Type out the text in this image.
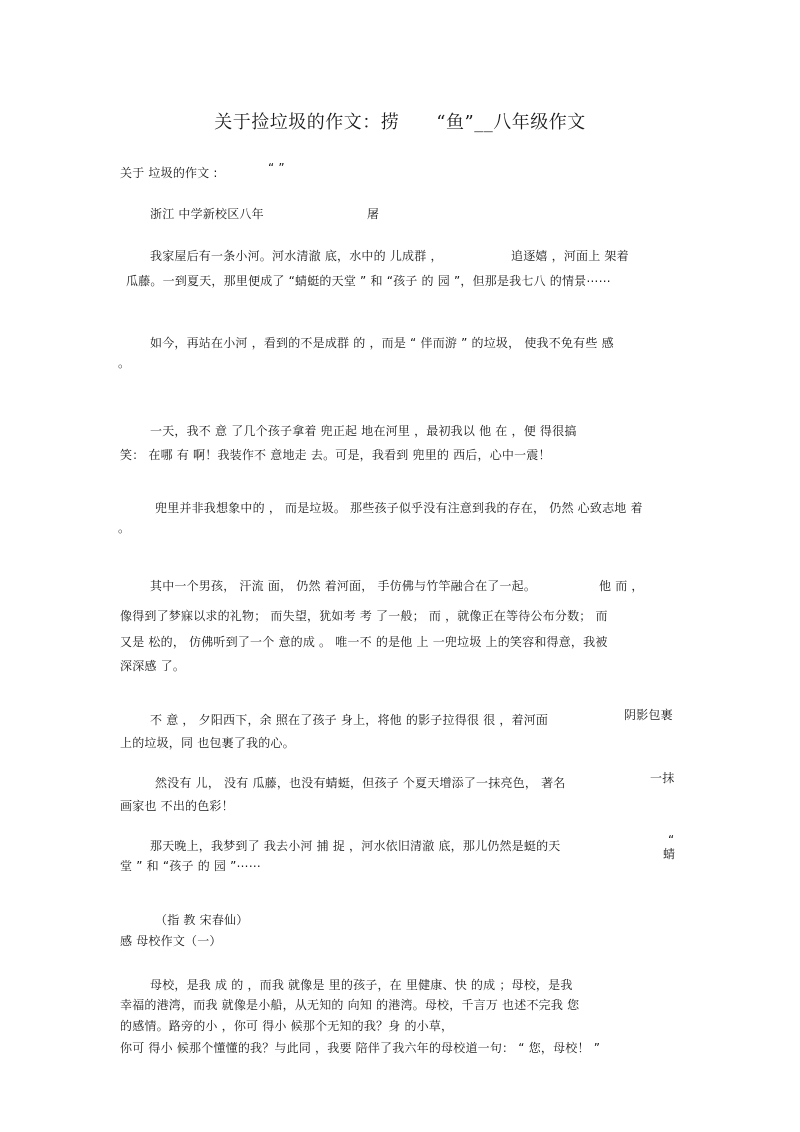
关于捡垃圾的作文：捞　　“鱼”__八年级作文
关于 垃圾的作文 :	“ ”
浙江 中学新校区八年	屠
我家屋后有一条小河。河水清澈 底，水中的 儿成群 ，	追逐嬉 ，河面上 架着
瓜藤。一到夏天，那里便成了 “蜻蜓的天堂 ” 和 “孩子 的 园 ”，但那是我七八 的情景⋯⋯
如今，再站在小河 ，看到的不是成群 的 ，而是 “ 伴而游 ” 的垃圾， 使我不免有些 感
。
一天，我不 意 了几个孩子拿着 兜正起 地在河里 ，最初我以 他 在 ，便 得很搞
笑： 在哪 有 啊！我装作不 意地走 去。可是，我看到 兜里的 西后，心中一震！
兜里并非我想象中的 ， 而是垃圾。 那些孩子似乎没有注意到我的存在， 仍然 心致志地 着
。
其中一个男孩， 汗流 面， 仍然 着河面， 手仿佛与竹竿融合在了一起。	他 而 ，
像得到了梦寐以求的礼物； 而失望，犹如考 考 了一般； 而 ，就像正在等待公布分数； 而
又是 松的， 仿佛听到了一个 意的成 。 唯一不 的是他 上 一兜垃圾 上的笑容和得意，我被
深深感 了。
不 意 ， 夕阳西下，余 照在了孩子 身上，将他 的影子拉得很 很 ，着河面	阴影包裹
上的垃圾，同 也包裹了我的心。
然没有 儿， 没有 瓜藤，也没有蜻蜓，但孩子 个夏天增添了一抹亮色， 著名	一抹
画家也 不出的色彩！
那天晚上，我梦到了 我去小河 捕 捉 ，河水依旧清澈 底，那儿仍然是蜓的天	“
蜻
堂 ” 和 “孩子 的 园 ”⋯⋯
（指 教 宋春仙）
感 母校作文（一）
母校，是我 成 的 ，而我 就像是 里的孩子，在 里健康、快 的成 ；母校，是我
幸福的港湾，而我 就像是小船，从无知的 向知 的港湾。母校，千言万 也述不完我 您
的感情。路旁的小 ，你可 得小 候那个无知的我？身 的小草，
你可 得小 候那个懂懂的我？与此同 ，我要 陪伴了我六年的母校道一句： “ 您，母校！ ”
